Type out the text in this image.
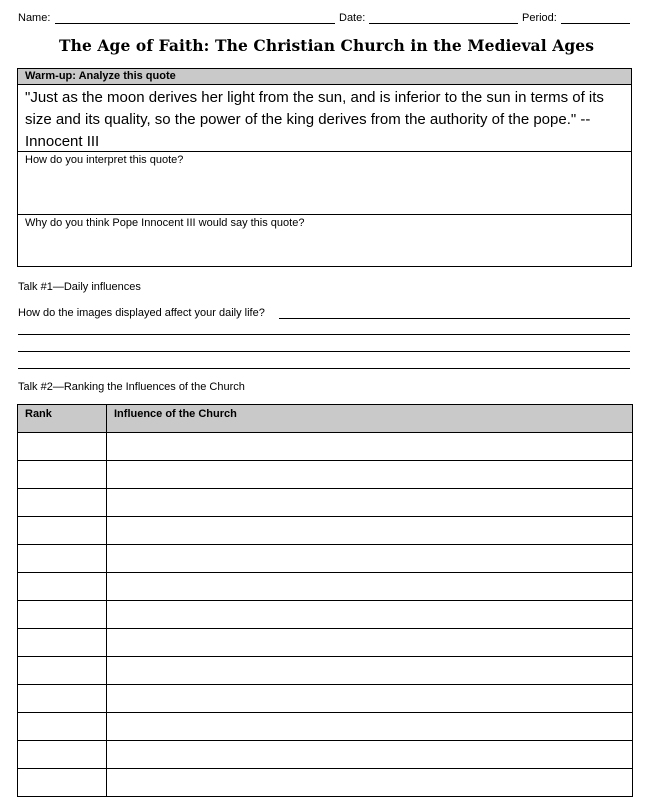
Name:	Date:	Period:
The Age of Faith: The Christian Church in the Medieval Ages
Warm-up: Analyze this quote
"Just as the moon derives her light from the sun, and is inferior to the sun in terms of its size and its quality, so the power of the king derives from the authority of the pope." --Innocent III
How do you interpret this quote?
Why do you think Pope Innocent III would say this quote?
Talk #1—Daily influences
How do the images displayed affect your daily life?
Talk #2—Ranking the Influences of the Church
Rank	Influence of the Church
